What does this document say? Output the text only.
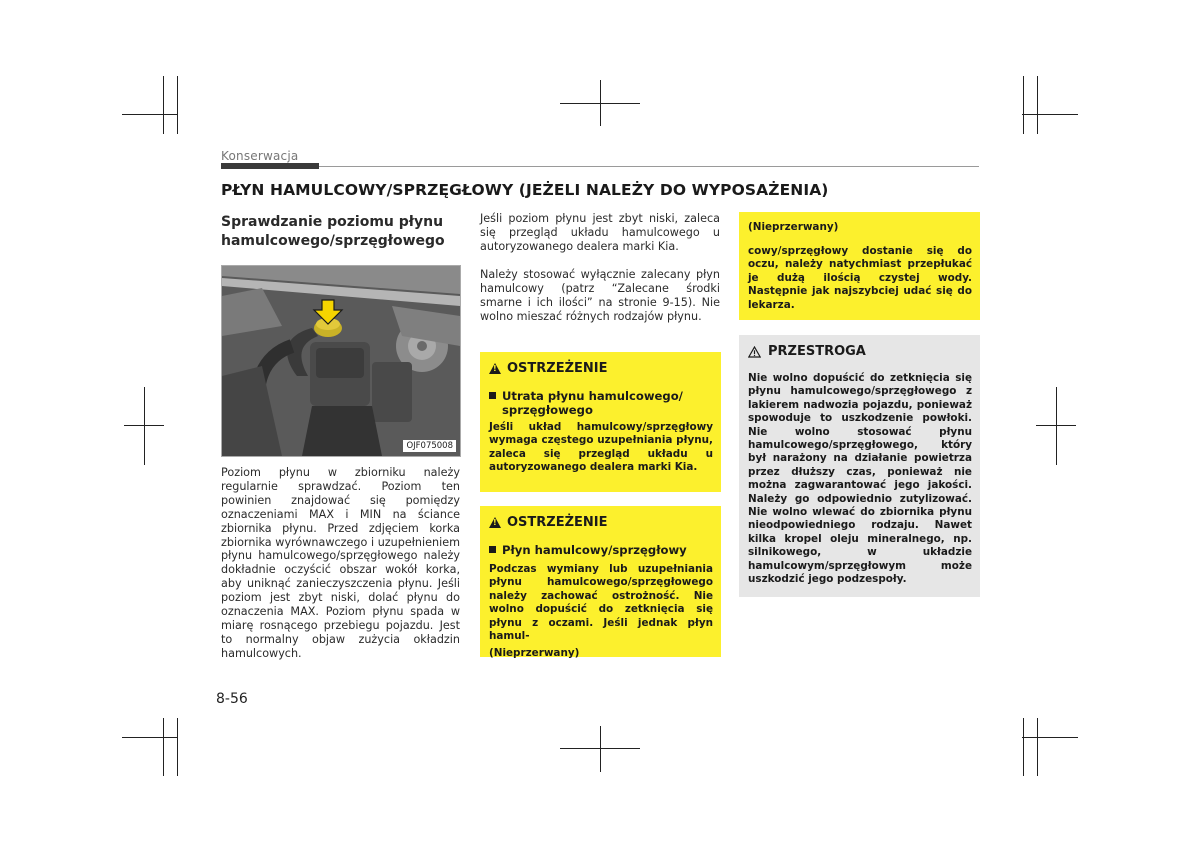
Konserwacja
PŁYN HAMULCOWY/SPRZĘGŁOWY (JEŻELI NALEŻY DO WYPOSAŻENIA)
Sprawdzanie poziomu płynu hamulcowego/sprzęgłowego
OJF075008
Poziom płynu w zbiorniku należy regularnie sprawdzać. Poziom ten powinien znajdować się pomiędzy oznaczeniami MAX i MIN na ściance zbiornika płynu. Przed zdjęciem korka zbiornika wyrównawczego i uzupełnieniem płynu hamulcowego/sprzęgłowego należy dokładnie oczyścić obszar wokół korka, aby uniknąć zanieczyszczenia płynu. Jeśli poziom jest zbyt niski, dolać płynu do oznaczenia MAX. Poziom płynu spada w miarę rosnącego przebiegu pojazdu. Jest to normalny objaw zużycia okładzin hamulcowych.
Jeśli poziom płynu jest zbyt niski, zaleca się przegląd układu hamulcowego u autoryzowanego dealera marki Kia.
Należy stosować wyłącznie zalecany płyn hamulcowy (patrz “Zalecane środki smarne i ich ilości” na stronie 9-15). Nie wolno mieszać różnych rodzajów płynu.
! OSTRZEŻENIE
Utrata płynu hamulcowego/ sprzęgłowego
Jeśli układ hamulcowy/sprzęgłowy wymaga częstego uzupełniania płynu, zaleca się przegląd układu u autoryzowanego dealera marki Kia.
! OSTRZEŻENIE
Płyn hamulcowy/sprzęgłowy
Podczas wymiany lub uzupełniania płynu hamulcowego/sprzęgłowego należy zachować ostrożność. Nie wolno dopuścić do zetknięcia się płynu z oczami. Jeśli jednak płyn hamul-
(Nieprzerwany)
(Nieprzerwany)
cowy/sprzęgłowy dostanie się do oczu, należy natychmiast przepłukać je dużą ilością czystej wody. Następnie jak najszybciej udać się do lekarza.
PRZESTROGA
Nie wolno dopuścić do zetknięcia się płynu hamulcowego/sprzęgłowego z lakierem nadwozia pojazdu, ponieważ spowoduje to uszkodzenie powłoki. Nie wolno stosować płynu hamulcowego/sprzęgłowego, który był narażony na działanie powietrza przez dłuższy czas, ponieważ nie można zagwarantować jego jakości. Należy go odpowiednio zutylizować. Nie wolno wlewać do zbiornika płynu nieodpowiedniego rodzaju. Nawet kilka kropel oleju mineralnego, np. silnikowego, w układzie hamulcowym/sprzęgłowym może uszkodzić jego podzespoły.
8-56
